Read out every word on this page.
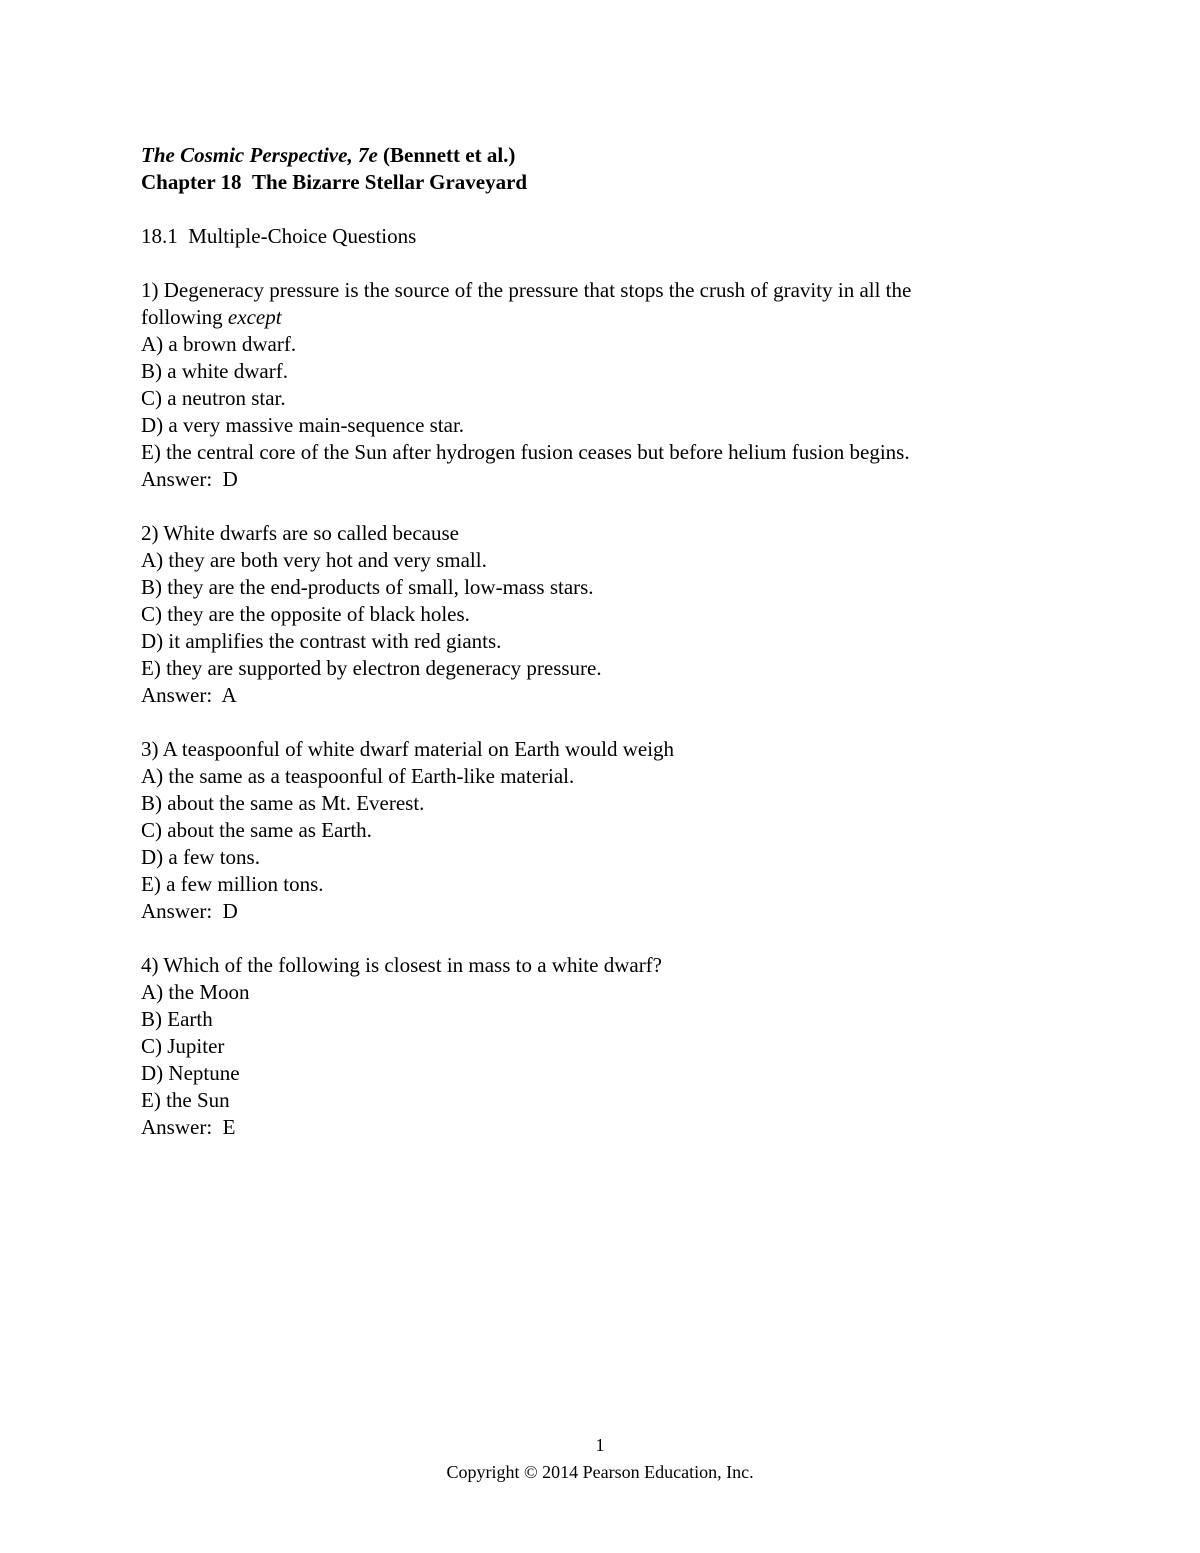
The Cosmic Perspective, 7e (Bennett et al.)
Chapter 18 The Bizarre Stellar Graveyard
18.1  Multiple-Choice Questions
1) Degeneracy pressure is the source of the pressure that stops the crush of gravity in all the
following except
A) a brown dwarf.
B) a white dwarf.
C) a neutron star.
D) a very massive main-sequence star.
E) the central core of the Sun after hydrogen fusion ceases but before helium fusion begins.
Answer:  D
2) White dwarfs are so called because
A) they are both very hot and very small.
B) they are the end-products of small, low-mass stars.
C) they are the opposite of black holes.
D) it amplifies the contrast with red giants.
E) they are supported by electron degeneracy pressure.
Answer:  A
3) A teaspoonful of white dwarf material on Earth would weigh
A) the same as a teaspoonful of Earth-like material.
B) about the same as Mt. Everest.
C) about the same as Earth.
D) a few tons.
E) a few million tons.
Answer:  D
4) Which of the following is closest in mass to a white dwarf?
A) the Moon
B) Earth
C) Jupiter
D) Neptune
E) the Sun
Answer:  E
1
Copyright © 2014 Pearson Education, Inc.
